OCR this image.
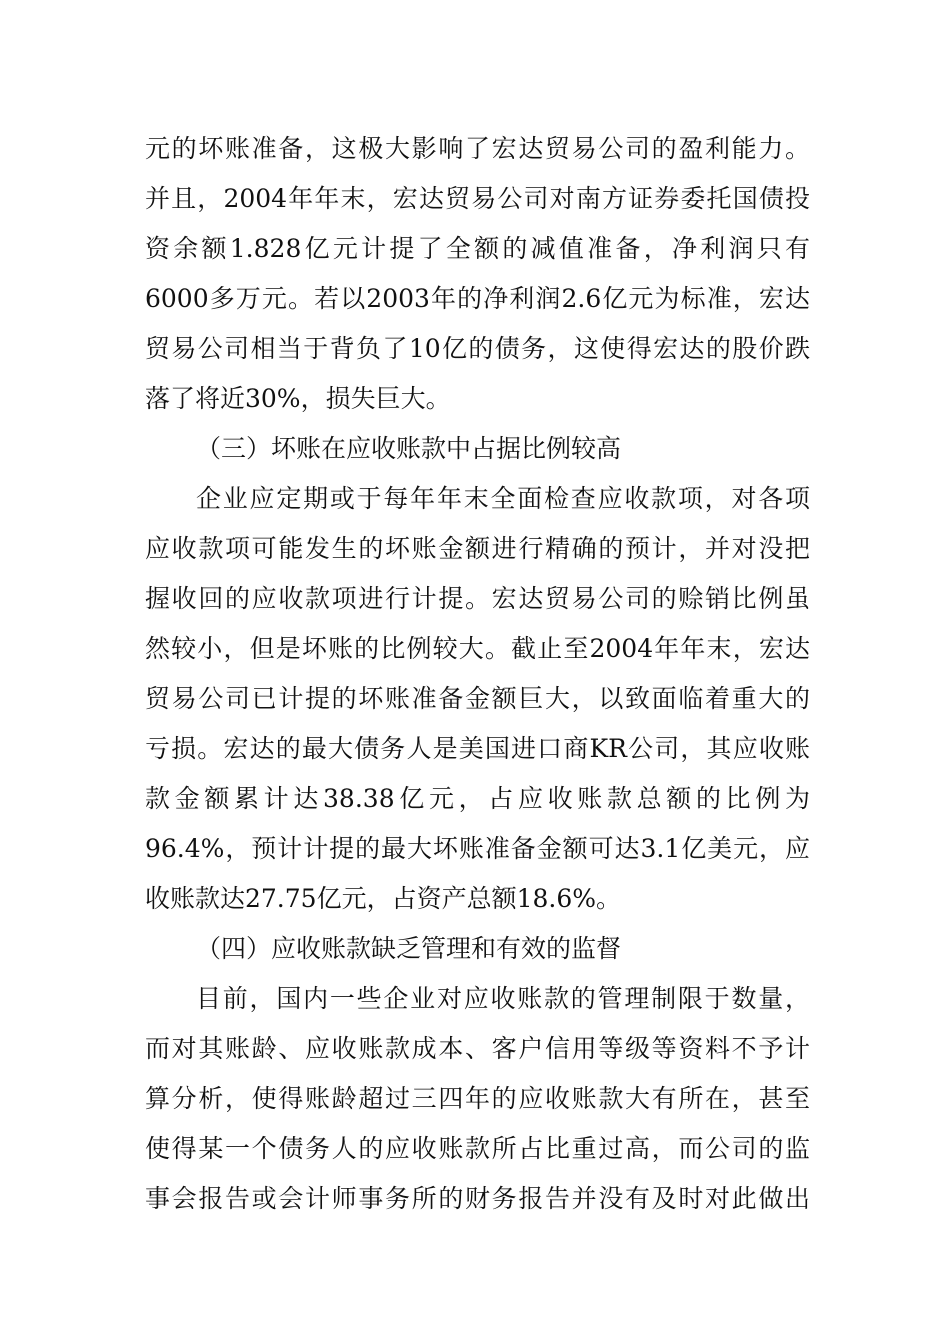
元的坏账准备，这极大影响了宏达贸易公司的盈利能力。
并且，2004年年末，宏达贸易公司对南方证券委托国债投
资余额1.828亿元计提了全额的减值准备，净利润只有
6000多万元。若以2003年的净利润2.6亿元为标准，宏达
贸易公司相当于背负了10亿的债务，这使得宏达的股价跌
落了将近30%，损失巨大。
（三）坏账在应收账款中占据比例较高
企业应定期或于每年年末全面检查应收款项，对各项
应收款项可能发生的坏账金额进行精确的预计，并对没把
握收回的应收款项进行计提。宏达贸易公司的赊销比例虽
然较小，但是坏账的比例较大。截止至2004年年末，宏达
贸易公司已计提的坏账准备金额巨大，以致面临着重大的
亏损。宏达的最大债务人是美国进口商KR公司，其应收账
款金额累计达38.38亿元，占应收账款总额的比例为
96.4%，预计计提的最大坏账准备金额可达3.1亿美元，应
收账款达27.75亿元，占资产总额18.6%。
（四）应收账款缺乏管理和有效的监督
目前，国内一些企业对应收账款的管理制限于数量，
而对其账龄、应收账款成本、客户信用等级等资料不予计
算分析，使得账龄超过三四年的应收账款大有所在，甚至
使得某一个债务人的应收账款所占比重过高，而公司的监
事会报告或会计师事务所的财务报告并没有及时对此做出
